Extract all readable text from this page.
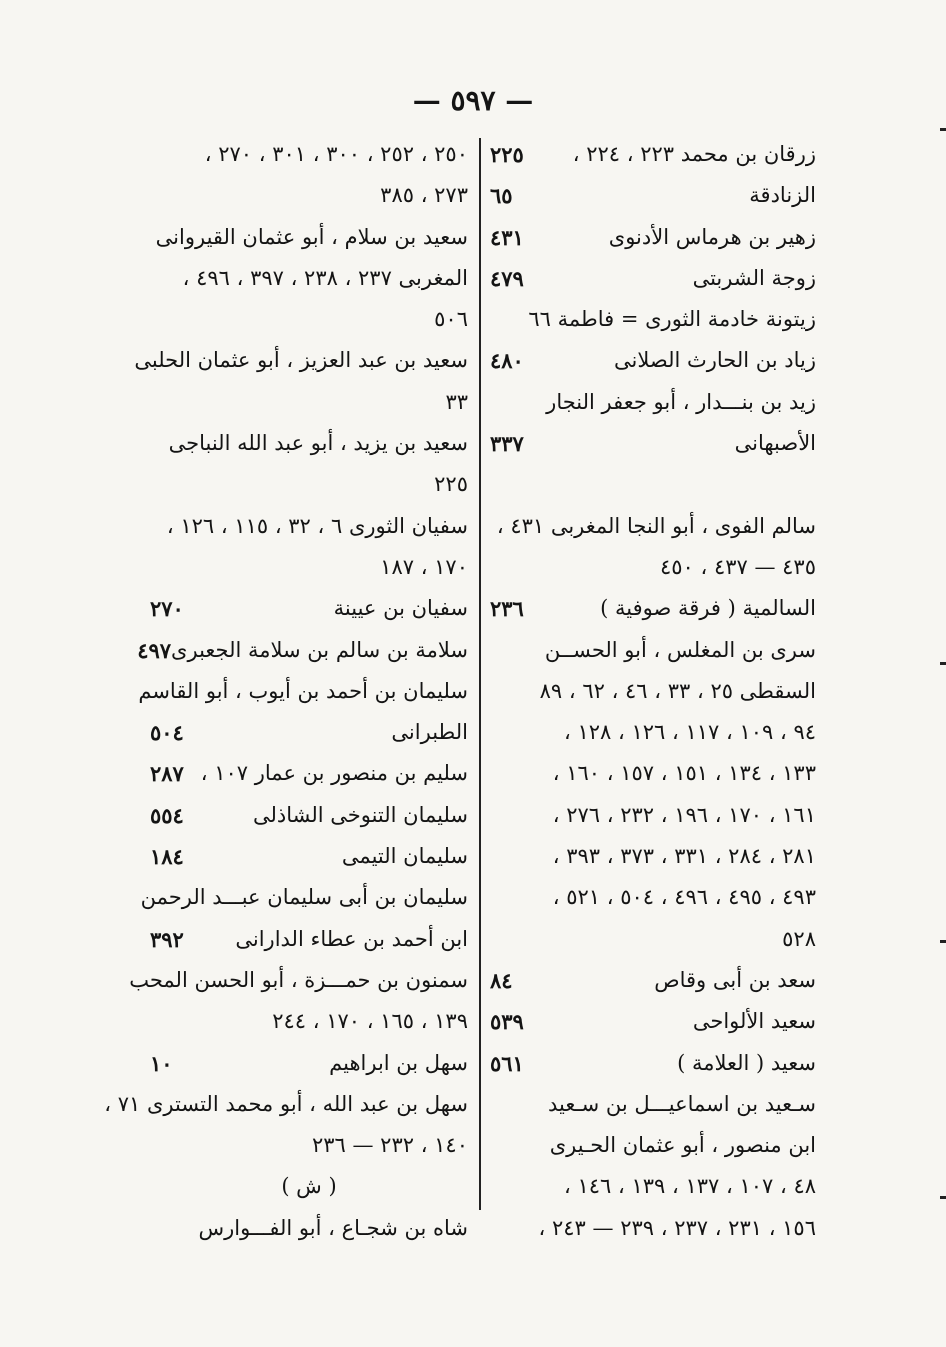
— ٥٩٧ —
زرقان بن محمد ٢٢٣ ، ٢٢٤ ،
٢٢٥
الزنادقة
٦٥
زهير بن هرماس الأدنوى
٤٣١
زوجة الشربتى
٤٧٩
زيتونة خادمة الثورى = فاطمة ٦٦
زياد بن الحارث الصلانى
٤٨٠
زيد بن بنـــدار ، أبو جعفر النجار
الأصبهانى
٣٣٧
سالم الفوى ، أبو النجا المغربى ٤٣١ ،
٤٣٥ — ٤٣٧ ، ٤٥٠
السالمية ( فرقة صوفية )
٢٣٦
سرى بن المغلس ، أبو الحســن
السقطى ٢٥ ، ٣٣ ، ٤٦ ، ٦٢ ، ٨٩
٩٤ ، ١٠٩ ، ١١٧ ، ١٢٦ ، ١٢٨ ،
١٣٣ ، ١٣٤ ، ١٥١ ، ١٥٧ ، ١٦٠ ،
١٦١ ، ١٧٠ ، ١٩٦ ، ٢٣٢ ، ٢٧٦ ،
٢٨١ ، ٢٨٤ ، ٣٣١ ، ٣٧٣ ، ٣٩٣ ،
٤٩٣ ، ٤٩٥ ، ٤٩٦ ، ٥٠٤ ، ٥٢١ ،
٥٢٨
سعد بن أبى وقاص
٨٤
سعيد الألواحى
٥٣٩
سعيد ( العلامة )
٥٦١
سـعيد بن اسماعيـــل بن سـعيد
ابن منصور ، أبو عثمان الحـيرى
٤٨ ، ١٠٧ ، ١٣٧ ، ١٣٩ ، ١٤٦ ،
١٥٦ ، ٢٣١ ، ٢٣٧ ، ٢٣٩ — ٢٤٣ ،
٢٥٠ ، ٢٥٢ ، ٣٠٠ ، ٣٠١ ، ٢٧٠ ،
٢٧٣ ، ٣٨٥
سعيد بن سلام ، أبو عثمان القيروانى
المغربى ٢٣٧ ، ٢٣٨ ، ٣٩٧ ، ٤٩٦ ،
٥٠٦
سعيد بن عبد العزيز ، أبو عثمان الحلبى
٣٣
سعيد بن يزيد ، أبو عبد الله النباجى
٢٢٥
سفيان الثورى ٦ ، ٣٢ ، ١١٥ ، ١٢٦ ،
١٧٠ ، ١٨٧
سفيان بن عيينة
٢٧٠
سلامة بن سالم بن سلامة الجعبرى
٤٩٧
سليمان بن أحمد بن أيوب ، أبو القاسم
الطبرانى
٥٠٤
سليم بن منصور بن عمار ١٠٧ ،
٢٨٧
سليمان التنوخى الشاذلى
٥٥٤
سليمان التيمى
١٨٤
سليمان بن أبى سليمان عبـــد الرحمن
ابن أحمد بن عطاء الدارانى
٣٩٢
سمنون بن حمـــزة ، أبو الحسن المحب
١٣٩ ، ١٦٥ ، ١٧٠ ، ٢٤٤
سهل بن ابراهيم
١٠
سهل بن عبد الله ، أبو محمد التسترى ٧١ ،
١٤٠ ، ٢٣٢ — ٢٣٦
( ش )
شاه بن شجـاع ، أبو الفـــوارس
